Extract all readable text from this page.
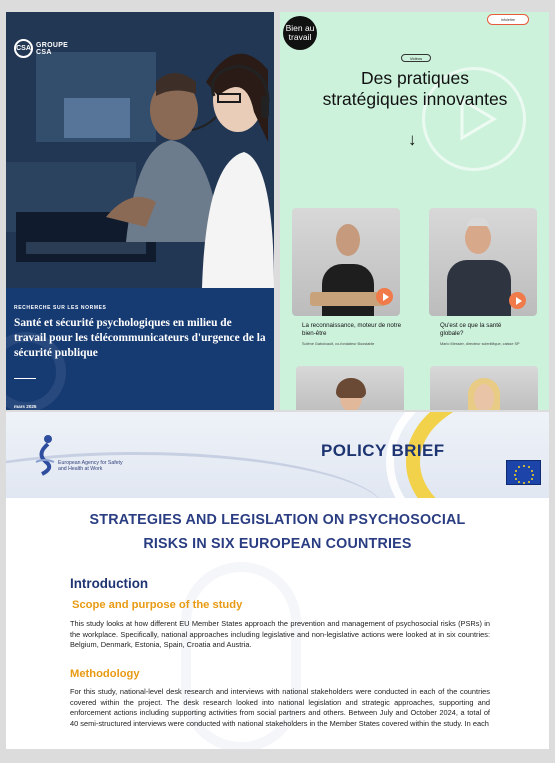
CSA GROUPE
CSA
RECHERCHE SUR LES NORMES
Santé et sécurité psychologiques en milieu de travail pour les télécommunicateurs d'urgence de la sécurité publique
mars 2025
Bien au travail
Infolettre
Vidéos
Des pratiques stratégiques innovantes
↓
La reconnaissance, moteur de notre bien-être
Solène Gabolcault, co-fondateur Boostable
Qu'est ce que la santé globale?
Mario Messier, directeur scientifique, caisse SP
European Agency for Safety and Health at Work
POLICY BRIEF
STRATEGIES AND LEGISLATION ON PSYCHOSOCIAL
RISKS IN SIX EUROPEAN COUNTRIES
Introduction
Scope and purpose of the study
This study looks at how different EU Member States approach the prevention and management of psychosocial risks (PSRs) in the workplace. Specifically, national approaches including legislative and non-legislative actions were looked at in six countries: Belgium, Denmark, Estonia, Spain, Croatia and Austria.
Methodology
For this study, national-level desk research and interviews with national stakeholders were conducted in each of the countries covered within the project. The desk research looked into national legislation and strategic approaches, supporting and enforcement actions including supporting activities from social partners and others. Between July and October 2024, a total of 40 semi-structured interviews were conducted with national stakeholders in the Member States covered within the study. In each
